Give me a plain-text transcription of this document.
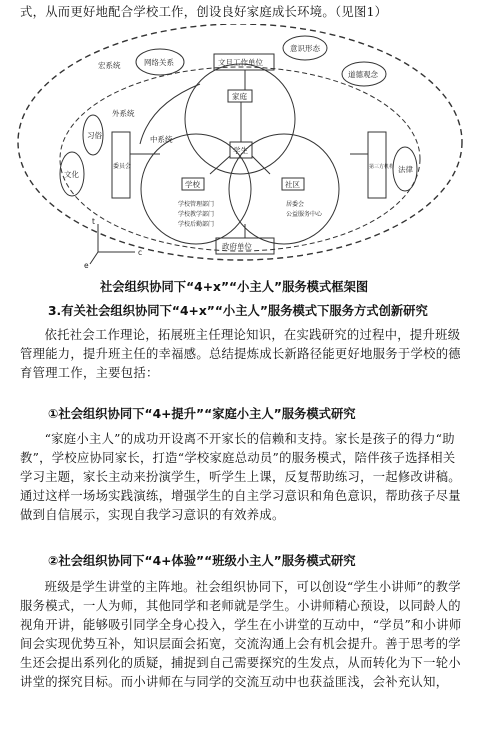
式，从而更好地配合学校工作，创设良好家庭成长环境。（见图1）

宏系统	网络关系	文旦工作单位
意识形态
道德观念
外系统
习俗
文化
委员会
中系统
家庭
学生
学校	社区
第三方机构 法律
政府单位
学校管理部门
学校教学部门
学校后勤部门
居委会
公益服务中心
t
c
e

社会组织协同下“4+x”“小主人”服务模式框架图

3.有关社会组织协同下“4+x”“小主人”服务模式下服务方式创新研究

依托社会工作理论，拓展班主任理论知识，在实践研究的过程中，提升班级管理能力，提升班主任的幸福感。总结提炼成长新路径能更好地服务于学校的德育管理工作，主要包括：

①社会组织协同下“4+提升”“家庭小主人”服务模式研究

“家庭小主人”的成功开设离不开家长的信赖和支持。家长是孩子的得力“助教”，学校应协同家长，打造“学校家庭总动员”的服务模式，陪伴孩子选择相关学习主题，家长主动来扮演学生，听学生上课，反复帮助练习，一起修改讲稿。通过这样一场场实践演练，增强学生的自主学习意识和角色意识，帮助孩子尽量做到自信展示，实现自我学习意识的有效养成。

②社会组织协同下“4+体验”“班级小主人”服务模式研究

班级是学生讲堂的主阵地。社会组织协同下，可以创设“学生小讲师”的教学服务模式，一人为师，其他同学和老师就是学生。小讲师精心预设，以同龄人的视角开讲，能够吸引同学全身心投入，学生在小讲堂的互动中，“学员”和小讲师间会实现优势互补，知识层面会拓宽，交流沟通上会有机会提升。善于思考的学生还会提出系列化的质疑，捕捉到自己需要探究的生发点，从而转化为下一轮小讲堂的探究目标。而小讲师在与同学的交流互动中也获益匪浅，会补充认知，
